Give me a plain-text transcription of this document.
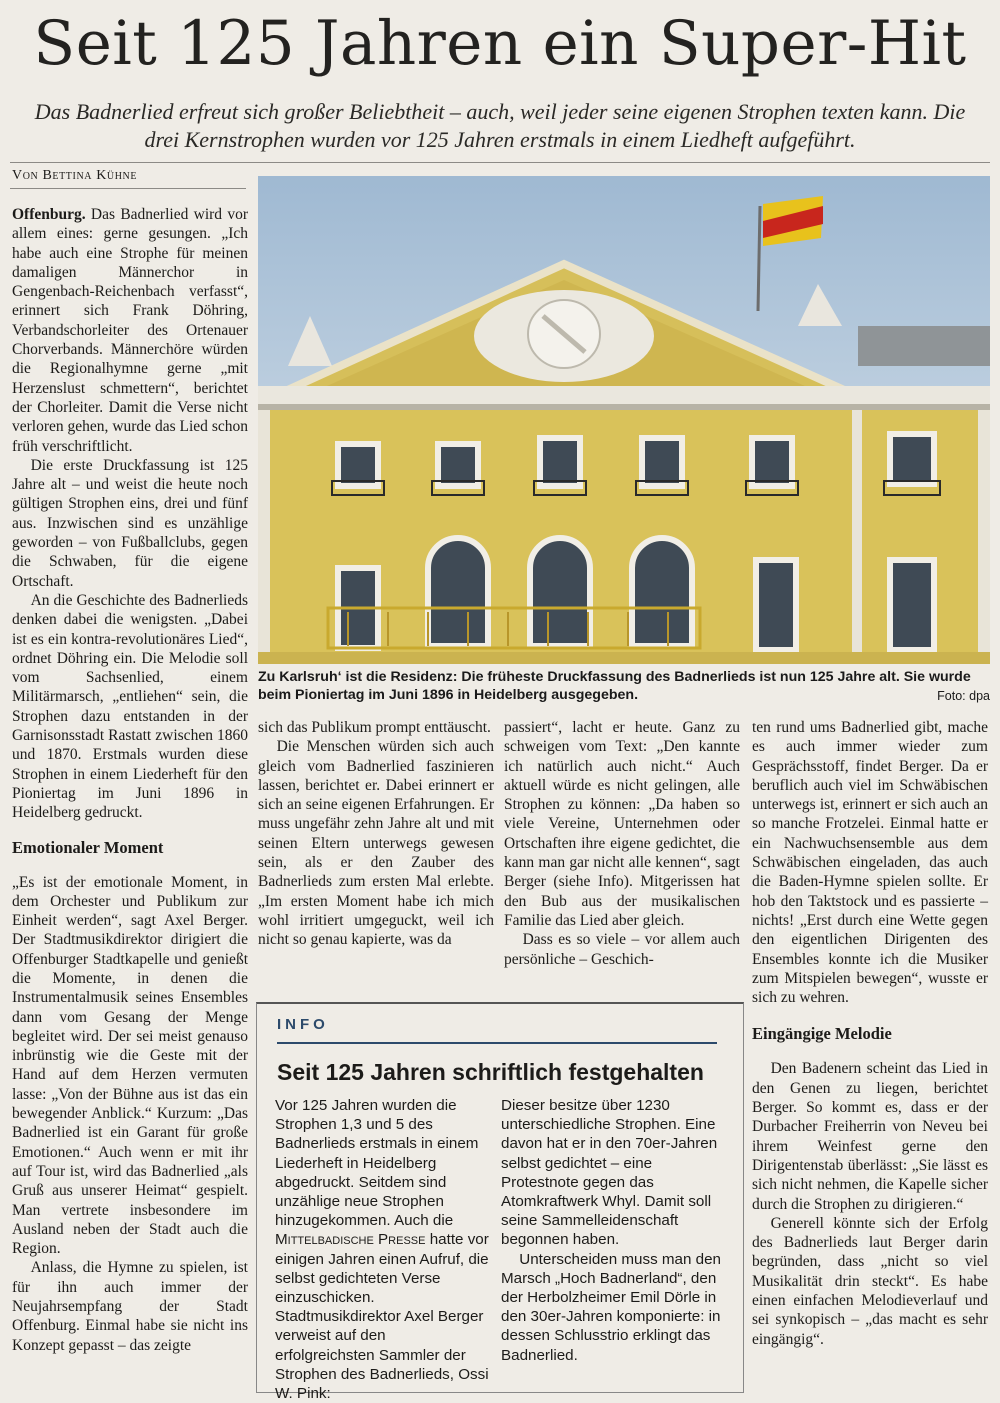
Seit 125 Jahren ein Super-Hit
Das Badnerlied erfreut sich großer Beliebtheit – auch, weil jeder seine eigenen Strophen texten kann. Die drei Kernstrophen wurden vor 125 Jahren erstmals in einem Liedheft aufgeführt.
Von Bettina Kühne

Offenburg. Das Badnerlied wird vor allem eines: gerne gesungen. „Ich habe auch eine Strophe für meinen damaligen Männerchor in Gengenbach-Reichenbach verfasst“, erinnert sich Frank Döhring, Verbandschorleiter des Ortenauer Chorverbands. Männerchöre würden die Regionalhymne gerne „mit Herzenslust schmettern“, berichtet der Chorleiter. Damit die Verse nicht verloren gehen, wurde das Lied schon früh verschriftlicht.

Die erste Druckfassung ist 125 Jahre alt – und weist die heute noch gültigen Strophen eins, drei und fünf aus. Inzwischen sind es unzählige geworden – von Fußballclubs, gegen die Schwaben, für die eigene Ortschaft.

An die Geschichte des Badnerlieds denken dabei die wenigsten. „Dabei ist es ein kontra-revolutionäres Lied“, ordnet Döhring ein. Die Melodie soll vom Sachsenlied, einem Militärmarsch, „entliehen“ sein, die Strophen dazu entstanden in der Garnisonsstadt Rastatt zwischen 1860 und 1870. Erstmals wurden diese Strophen in einem Liederheft für den Pioniertag im Juni 1896 in Heidelberg gedruckt.

Emotionaler Moment

„Es ist der emotionale Moment, in dem Orchester und Publikum zur Einheit werden“, sagt Axel Berger. Der Stadtmusikdirektor dirigiert die Offenburger Stadtkapelle und genießt die Momente, in denen die Instrumentalmusik seines Ensembles dann vom Gesang der Menge begleitet wird. Der sei meist genauso inbrünstig wie die Geste mit der Hand auf dem Herzen vermuten lasse: „Von der Bühne aus ist das ein bewegender Anblick.“ Kurzum: „Das Badnerlied ist ein Garant für große Emotionen.“ Auch wenn er mit ihr auf Tour ist, wird das Badnerlied „als Gruß aus unserer Heimat“ gespielt. Man vertrete insbesondere im Ausland neben der Stadt auch die Region.

Anlass, die Hymne zu spielen, ist für ihn auch immer der Neujahrsempfang der Stadt Offenburg. Einmal habe sie nicht ins Konzept gepasst – das zeigte

Zu Karlsruh‘ ist die Residenz: Die früheste Druckfassung des Badnerlieds ist nun 125 Jahre alt. Sie wurde beim Pioniertag im Juni 1896 in Heidelberg ausgegeben.	Foto: dpa

sich das Publikum prompt enttäuscht.

Die Menschen würden sich auch gleich vom Badnerlied faszinieren lassen, berichtet er. Dabei erinnert er sich an seine eigenen Erfahrungen. Er muss ungefähr zehn Jahre alt und mit seinen Eltern unterwegs gewesen sein, als er den Zauber des Badnerlieds zum ersten Mal erlebte. „Im ersten Moment habe ich mich wohl irritiert umgeguckt, weil ich nicht so genau kapierte, was da

passiert“, lacht er heute. Ganz zu schweigen vom Text: „Den kannte ich natürlich auch nicht.“ Auch aktuell würde es nicht gelingen, alle Strophen zu können: „Da haben so viele Vereine, Unternehmen oder Ortschaften ihre eigene gedichtet, die kann man gar nicht alle kennen“, sagt Berger (siehe Info). Mitgerissen hat den Bub aus der musikalischen Familie das Lied aber gleich.

Dass es so viele – vor allem auch persönliche – Geschich-

ten rund ums Badnerlied gibt, mache es auch immer wieder zum Gesprächsstoff, findet Berger. Da er beruflich auch viel im Schwäbischen unterwegs ist, erinnert er sich auch an so manche Frotzelei. Einmal hatte er ein Nachwuchsensemble aus dem Schwäbischen eingeladen, das auch die Baden-Hymne spielen sollte. Er hob den Taktstock und es passierte – nichts! „Erst durch eine Wette gegen den eigentlichen Dirigenten des Ensembles konnte ich die Musiker zum Mitspielen bewegen“, wusste er sich zu wehren.

Eingängige Melodie

Den Badenern scheint das Lied in den Genen zu liegen, berichtet Berger. So kommt es, dass er der Durbacher Freiherrin von Neveu bei ihrem Weinfest gerne den Dirigentenstab überlässt: „Sie lässt es sich nicht nehmen, die Kapelle sicher durch die Strophen zu dirigieren.“

Generell könnte sich der Erfolg des Badnerlieds laut Berger darin begründen, dass „nicht so viel Musikalität drin steckt“. Es habe einen einfachen Melodieverlauf und sei synkopisch – „das macht es sehr eingängig“.

INFO
Seit 125 Jahren schriftlich festgehalten

Vor 125 Jahren wurden die Strophen 1,3 und 5 des Badnerlieds erstmals in einem Liederheft in Heidelberg abgedruckt. Seitdem sind unzählige neue Strophen hinzugekommen. Auch die Mittelbadische Presse hatte vor einigen Jahren einen Aufruf, die selbst gedichteten Verse einzuschicken. Stadtmusikdirektor Axel Berger verweist auf den erfolgreichsten Sammler der Strophen des Badnerlieds, Ossi W. Pink:

Dieser besitze über 1230 unterschiedliche Strophen. Eine davon hat er in den 70er-Jahren selbst gedichtet – eine Protestnote gegen das Atomkraftwerk Whyl. Damit soll seine Sammelleidenschaft begonnen haben.

Unterscheiden muss man den Marsch „Hoch Badnerland“, den der Herbolzheimer Emil Dörle in den 30er-Jahren komponierte: in dessen Schlusstrio erklingt das Badnerlied.
